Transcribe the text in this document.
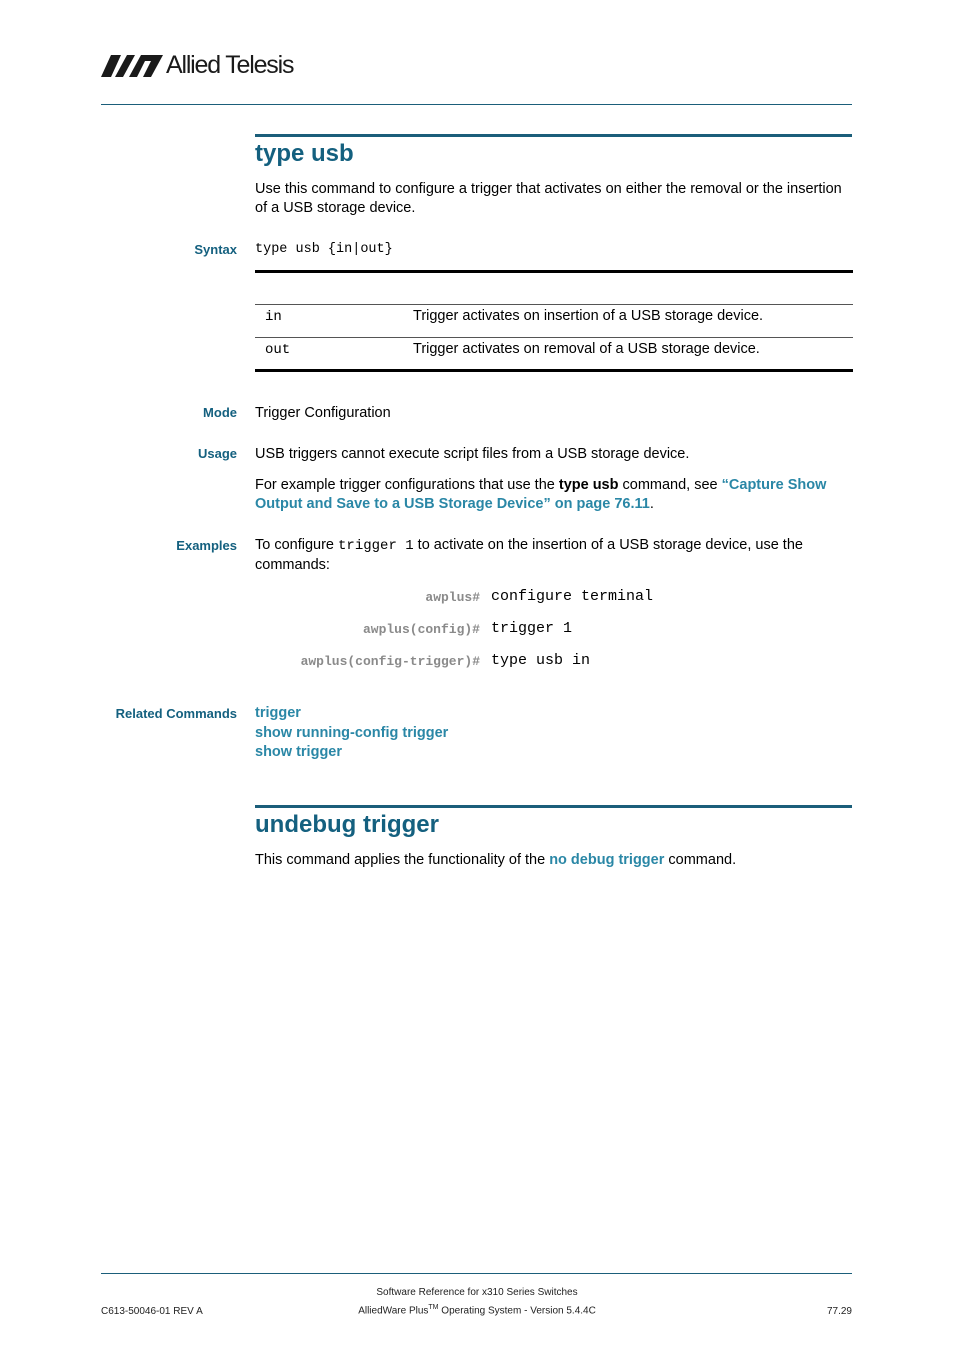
Allied Telesis
type usb
Use this command to configure a trigger that activates on either the removal or the insertion of a USB storage device.
Syntax type usb {in|out}
in	Trigger activates on insertion of a USB storage device.
out	Trigger activates on removal of a USB storage device.
Mode Trigger Configuration
Usage USB triggers cannot execute script files from a USB storage device.
For example trigger configurations that use the type usb command, see “Capture Show Output and Save to a USB Storage Device” on page 76.11.
Examples To configure trigger 1 to activate on the insertion of a USB storage device, use the commands:
awplus# configure terminal
awplus(config)# trigger 1
awplus(config-trigger)# type usb in
Related Commands trigger
show running-config trigger
show trigger
undebug trigger
This command applies the functionality of the no debug trigger command.
Software Reference for x310 Series Switches
AlliedWare Plus™ Operating System - Version 5.4.4C
C613-50046-01 REV A	77.29
